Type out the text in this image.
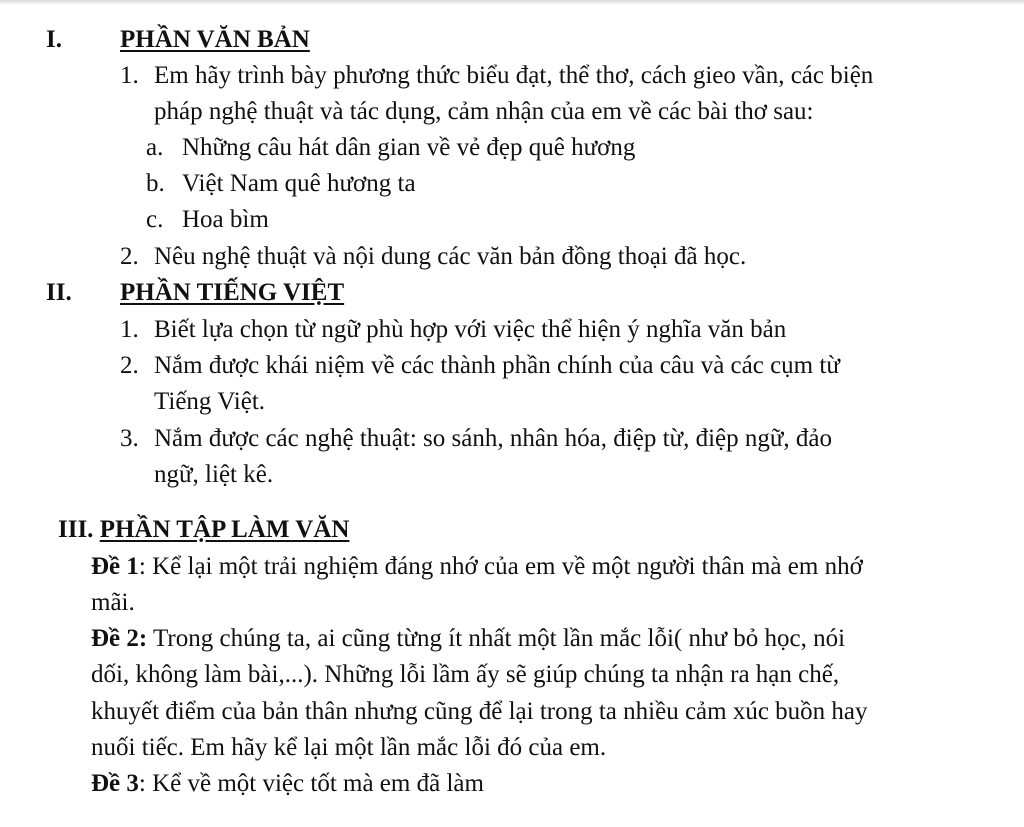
I. PHẦN VĂN BẢN
1. Em hãy trình bày phương thức biểu đạt, thể thơ, cách gieo vần, các biện
pháp nghệ thuật và tác dụng, cảm nhận của em về các bài thơ sau:
a. Những câu hát dân gian về vẻ đẹp quê hương
b. Việt Nam quê hương ta
c. Hoa bìm
2. Nêu nghệ thuật và nội dung các văn bản đồng thoại đã học.
II. PHẦN TIẾNG VIỆT
1. Biết lựa chọn từ ngữ phù hợp với việc thể hiện ý nghĩa văn bản
2. Nắm được khái niệm về các thành phần chính của câu và các cụm từ
Tiếng Việt.
3. Nắm được các nghệ thuật: so sánh, nhân hóa, điệp từ, điệp ngữ, đảo
ngữ, liệt kê.
III. PHẦN TẬP LÀM VĂN
Đề 1: Kể lại một trải nghiệm đáng nhớ của em về một người thân mà em nhớ
mãi.
Đề 2: Trong chúng ta, ai cũng từng ít nhất một lần mắc lỗi( như bỏ học, nói
dối, không làm bài,...). Những lỗi lầm ấy sẽ giúp chúng ta nhận ra hạn chế,
khuyết điểm của bản thân nhưng cũng để lại trong ta nhiều cảm xúc buồn hay
nuối tiếc. Em hãy kể lại một lần mắc lỗi đó của em.
Đề 3: Kể về một việc tốt mà em đã làm
